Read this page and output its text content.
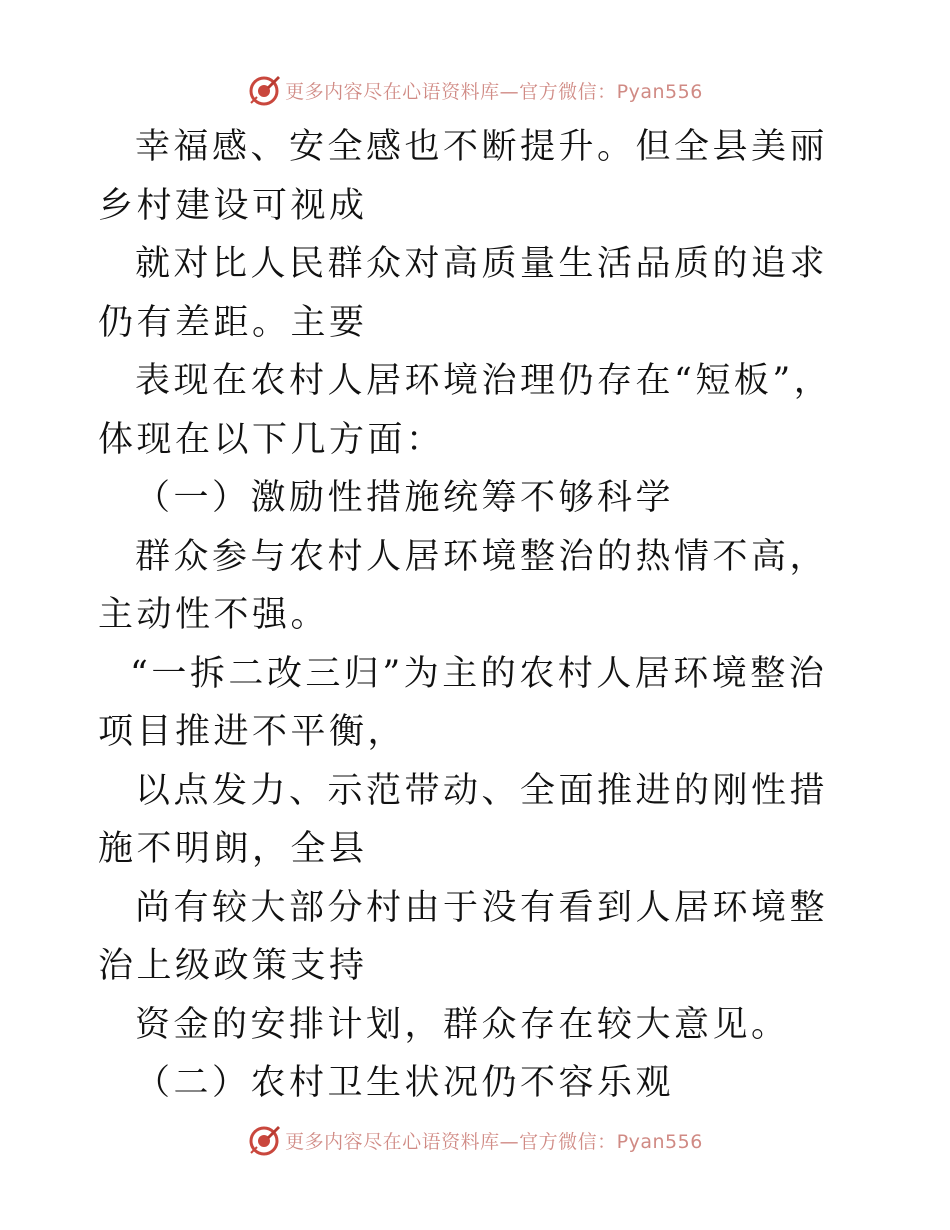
更多内容尽在心语资料库—官方微信：Pyan556

幸福感、安全感也不断提升。但全县美丽乡村建设可视成

就对比人民群众对高质量生活品质的追求仍有差距。主要

表现在农村人居环境治理仍存在“短板”，体现在以下几方面：

（一）激励性措施统筹不够科学

群众参与农村人居环境整治的热情不高，主动性不强。

“一拆二改三归”为主的农村人居环境整治项目推进不平衡，

以点发力、示范带动、全面推进的刚性措施不明朗，全县

尚有较大部分村由于没有看到人居环境整治上级政策支持

资金的安排计划，群众存在较大意见。

（二）农村卫生状况仍不容乐观

更多内容尽在心语资料库—官方微信：Pyan556
